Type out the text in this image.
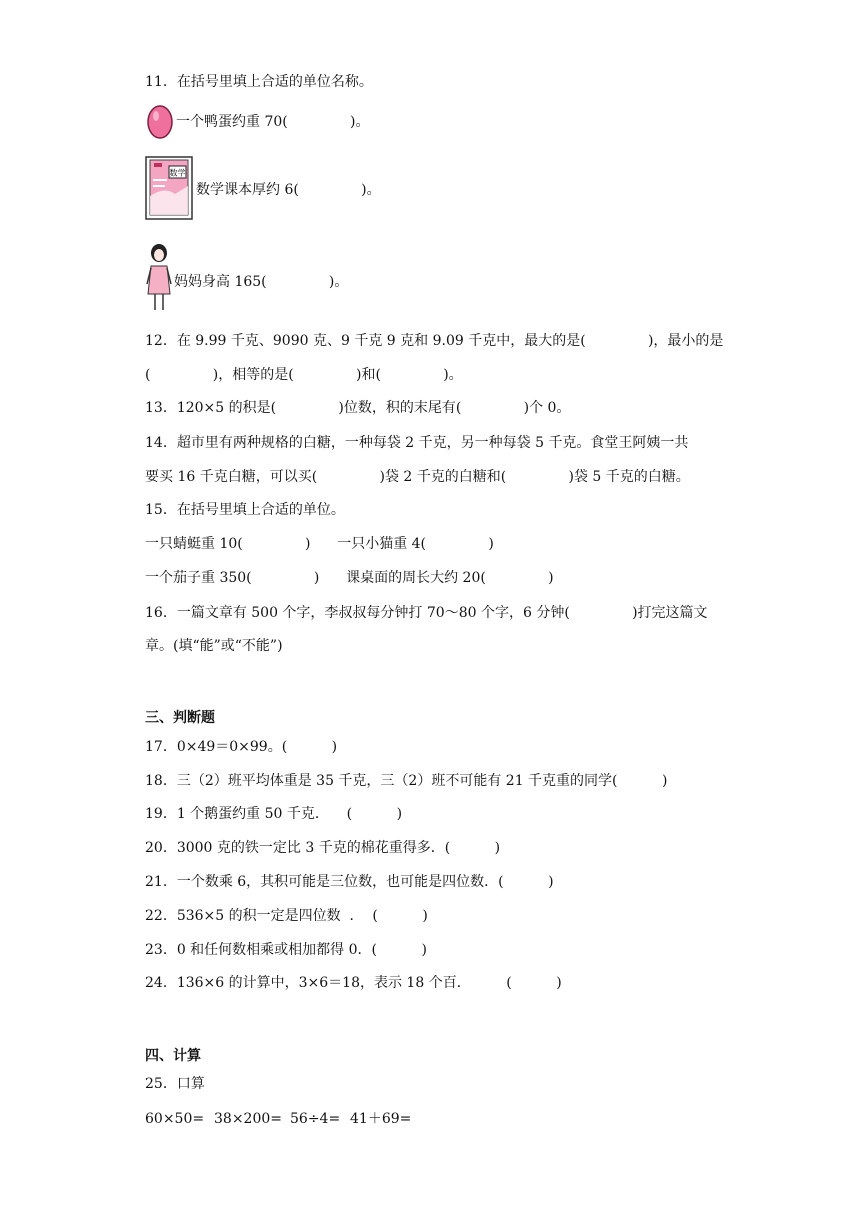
11．在括号里填上合适的单位名称。
一个鸭蛋约重 70(              )。
数学
数学课本厚约 6(              )。
妈妈身高 165(              )。
12．在 9.99 千克、9090 克、9 千克 9 克和 9.09 千克中，最大的是(              )，最小的是
(              )，相等的是(              )和(              )。
13．120×5 的积是(              )位数，积的末尾有(              )个 0。
14．超市里有两种规格的白糖，一种每袋 2 千克，另一种每袋 5 千克。食堂王阿姨一共
要买 16 千克白糖，可以买(              )袋 2 千克的白糖和(              )袋 5 千克的白糖。
15．在括号里填上合适的单位。
一只蜻蜓重 10(              )      一只小猫重 4(              )
一个茄子重 350(              )      课桌面的周长大约 20(              )
16．一篇文章有 500 个字，李叔叔每分钟打 70～80 个字，6 分钟(              )打完这篇文
章。(填“能”或“不能”)
三、判断题
17．0×49＝0×99。(          )
18．三（2）班平均体重是 35 千克，三（2）班不可能有 21 千克重的同学(          )
19．1 个鹅蛋约重 50 千克．    (          )
20．3000 克的铁一定比 3 千克的棉花重得多．(          )
21．一个数乘 6，其积可能是三位数，也可能是四位数．(          )
22．536×5 的积一定是四位数  ．  (          )
23．0 和任何数相乘或相加都得 0．(          )
24．136×6 的计算中，3×6＝18，表示 18 个百．        (          )
四、计算
25．口算
60×50= 38×200= 56÷4= 41＋69=
